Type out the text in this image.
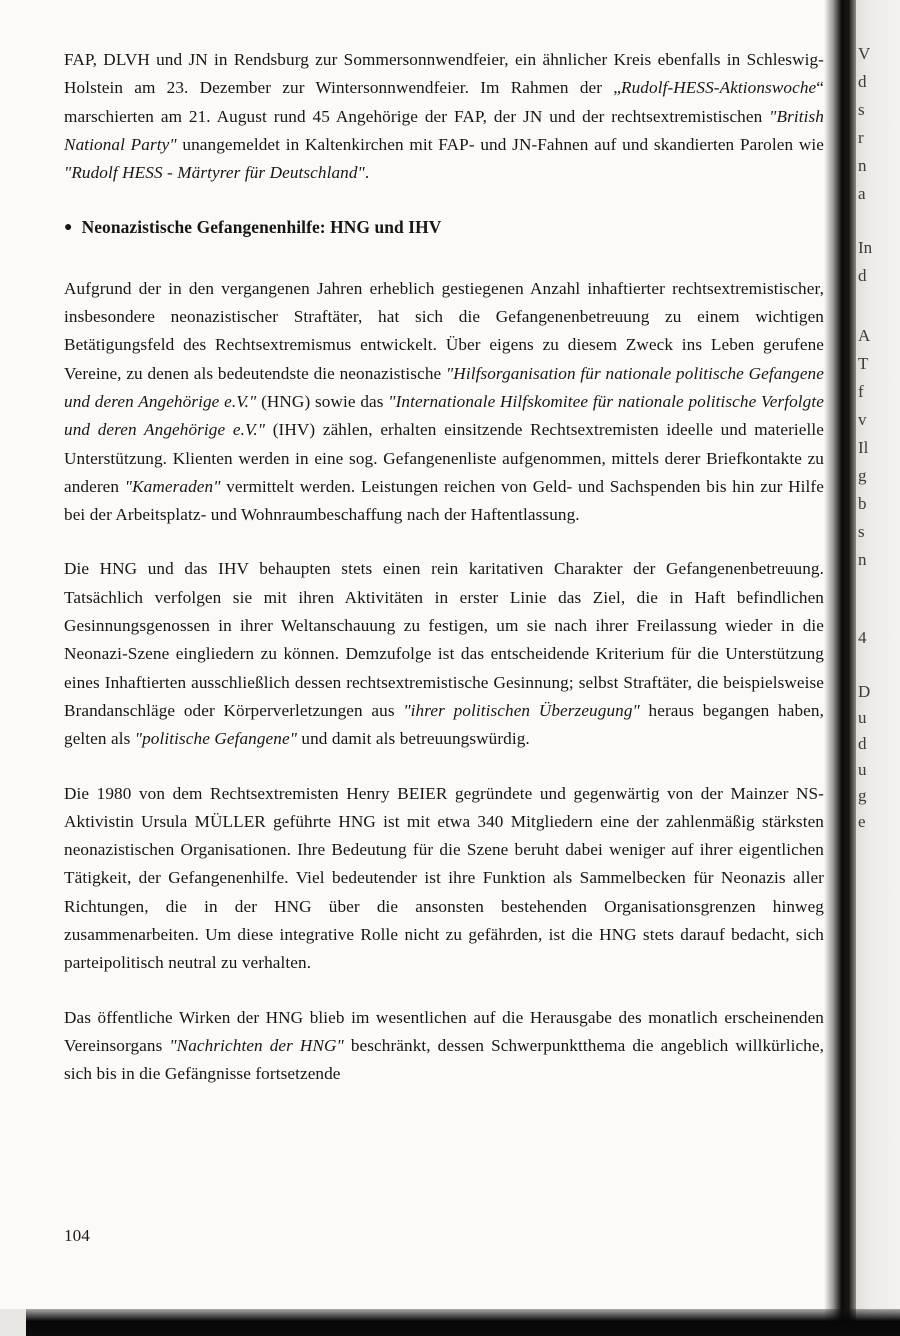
FAP, DLVH und JN in Rendsburg zur Sommersonnwendfeier, ein ähnlicher Kreis ebenfalls in Schleswig-Holstein am 23. Dezember zur Wintersonnwendfeier. Im Rahmen der „Rudolf-HESS-Aktionswoche“ marschierten am 21. August rund 45 Angehörige der FAP, der JN und der rechtsextremistischen "British National Party" unangemeldet in Kaltenkirchen mit FAP- und JN-Fahnen auf und skandierten Parolen wie "Rudolf HESS - Märtyrer für Deutschland".

● Neonazistische Gefangenenhilfe: HNG und IHV

Aufgrund der in den vergangenen Jahren erheblich gestiegenen Anzahl inhaftierter rechtsextremistischer, insbesondere neonazistischer Straftäter, hat sich die Gefangenenbetreuung zu einem wichtigen Betätigungsfeld des Rechtsextremismus entwickelt. Über eigens zu diesem Zweck ins Leben gerufene Vereine, zu denen als bedeutendste die neonazistische "Hilfsorganisation für nationale politische Gefangene und deren Angehörige e.V." (HNG) sowie das "Internationale Hilfskomitee für nationale politische Verfolgte und deren Angehörige e.V." (IHV) zählen, erhalten einsitzende Rechtsextremisten ideelle und materielle Unterstützung. Klienten werden in eine sog. Gefangenenliste aufgenommen, mittels derer Briefkontakte zu anderen "Kameraden" vermittelt werden. Leistungen reichen von Geld- und Sachspenden bis hin zur Hilfe bei der Arbeitsplatz- und Wohnraumbeschaffung nach der Haftentlassung.

Die HNG und das IHV behaupten stets einen rein karitativen Charakter der Gefangenenbetreuung. Tatsächlich verfolgen sie mit ihren Aktivitäten in erster Linie das Ziel, die in Haft befindlichen Gesinnungsgenossen in ihrer Weltanschauung zu festigen, um sie nach ihrer Freilassung wieder in die Neonazi-Szene eingliedern zu können. Demzufolge ist das entscheidende Kriterium für die Unterstützung eines Inhaftierten ausschließlich dessen rechtsextremistische Gesinnung; selbst Straftäter, die beispielsweise Brandanschläge oder Körperverletzungen aus "ihrer politischen Überzeugung" heraus begangen haben, gelten als "politische Gefangene" und damit als betreuungswürdig.

Die 1980 von dem Rechtsextremisten Henry BEIER gegründete und gegenwärtig von der Mainzer NS-Aktivistin Ursula MÜLLER geführte HNG ist mit etwa 340 Mitgliedern eine der zahlenmäßig stärksten neonazistischen Organisationen. Ihre Bedeutung für die Szene beruht dabei weniger auf ihrer eigentlichen Tätigkeit, der Gefangenenhilfe. Viel bedeutender ist ihre Funktion als Sammelbecken für Neonazis aller Richtungen, die in der HNG über die ansonsten bestehenden Organisationsgrenzen hinweg zusammenarbeiten. Um diese integrative Rolle nicht zu gefährden, ist die HNG stets darauf bedacht, sich parteipolitisch neutral zu verhalten.

Das öffentliche Wirken der HNG blieb im wesentlichen auf die Herausgabe des monatlich erscheinenden Vereinsorgans "Nachrichten der HNG" beschränkt, dessen Schwerpunktthema die angeblich willkürliche, sich bis in die Gefängnisse fortsetzende

104
V
d
s
r
n
a
In
d
A
T
f
v
Il
g
b
s
n
4
D
u
d
u
g
e
